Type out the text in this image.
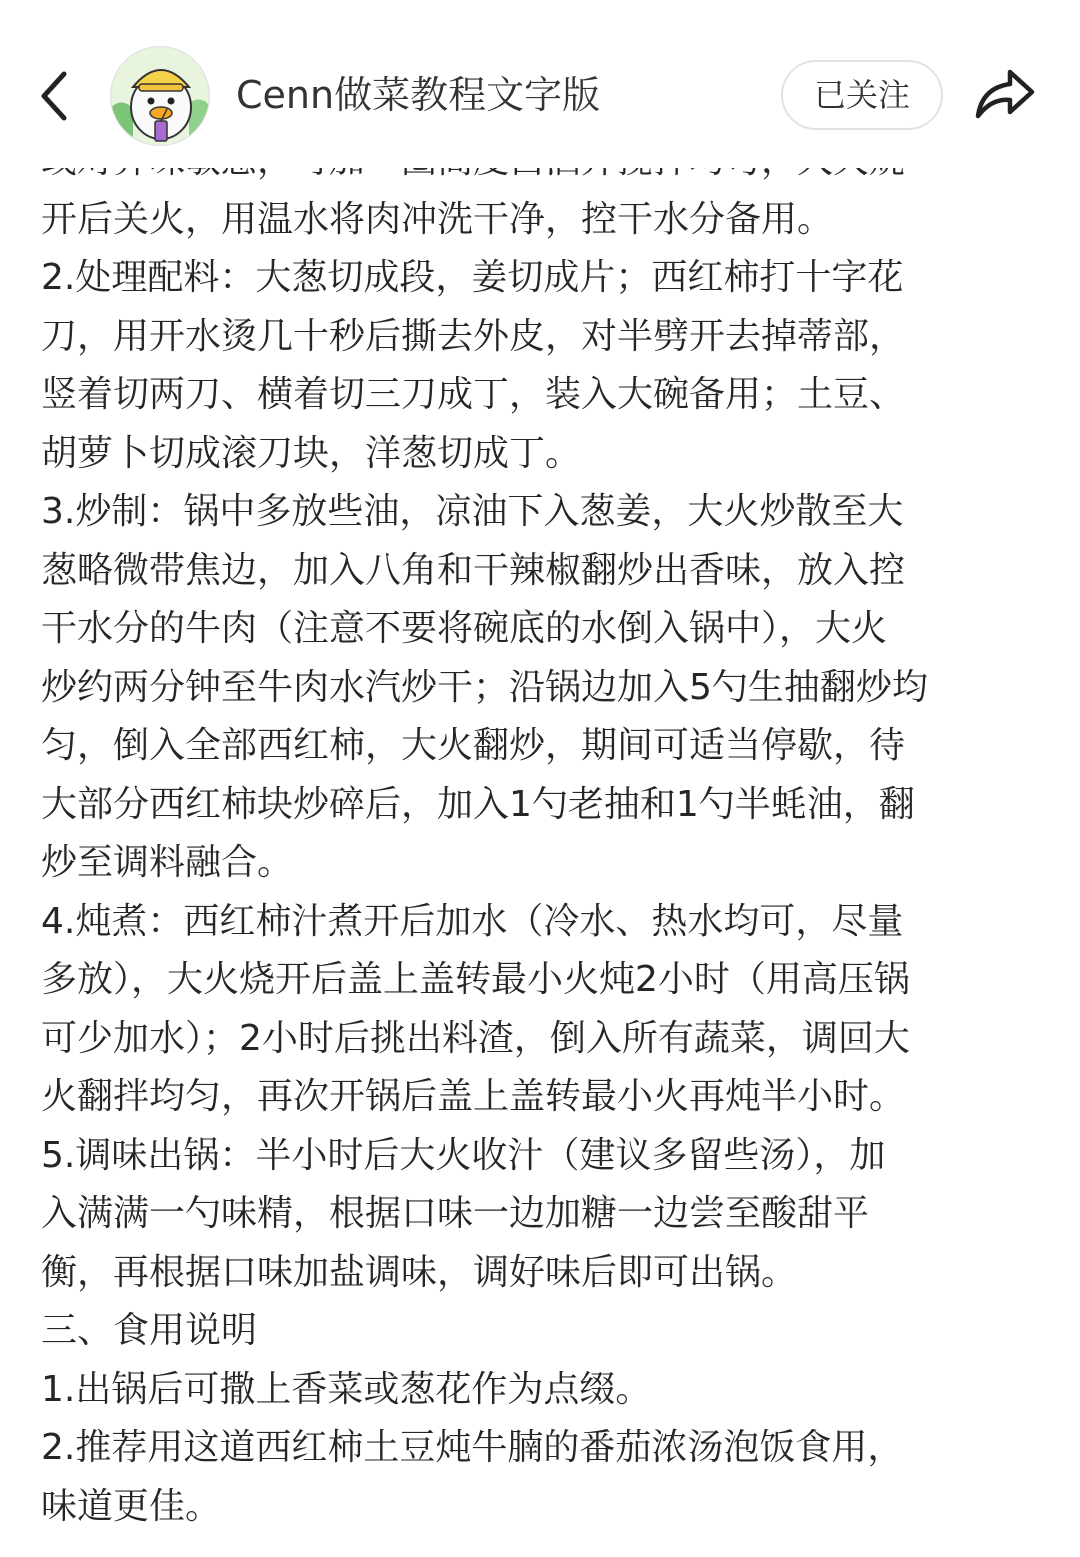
开后关火，用温水将肉冲洗干净，控干水分备用。

2.处理配料：大葱切成段，姜切成片；西红柿打十字花

刀，用开水烫几十秒后撕去外皮，对半劈开去掉蒂部，

竖着切两刀、横着切三刀成丁，装入大碗备用；土豆、

胡萝卜切成滚刀块，洋葱切成丁。

3.炒制：锅中多放些油，凉油下入葱姜，大火炒散至大

葱略微带焦边，加入八角和干辣椒翻炒出香味，放入控

干水分的牛肉（注意不要将碗底的水倒入锅中），大火

炒约两分钟至牛肉水汽炒干；沿锅边加入5勺生抽翻炒均

匀，倒入全部西红柿，大火翻炒，期间可适当停歇，待

大部分西红柿块炒碎后，加入1勺老抽和1勺半蚝油，翻

炒至调料融合。

4.炖煮：西红柿汁煮开后加水（冷水、热水均可，尽量

多放），大火烧开后盖上盖转最小火炖2小时（用高压锅

可少加水）；2小时后挑出料渣，倒入所有蔬菜，调回大

火翻拌均匀，再次开锅后盖上盖转最小火再炖半小时。

5.调味出锅：半小时后大火收汁（建议多留些汤），加

入满满一勺味精，根据口味一边加糖一边尝至酸甜平

衡，再根据口味加盐调味，调好味后即可出锅。

三、食用说明

1.出锅后可撒上香菜或葱花作为点缀。

2.推荐用这道西红柿土豆炖牛腩的番茄浓汤泡饭食用，

味道更佳。

Cenn做菜教程文字版	已关注
